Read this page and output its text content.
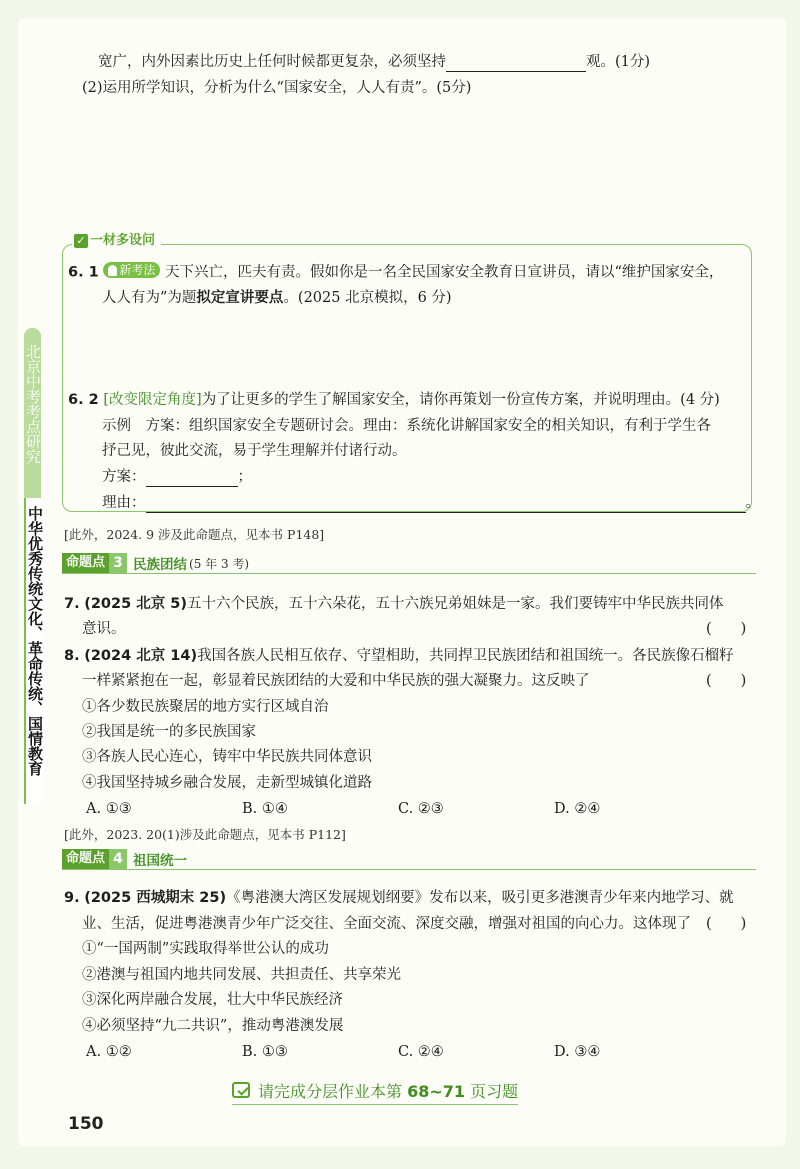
北京中考考点研究
中华优秀传统文化、革命传统、国情教育
宽广，内外因素比历史上任何时候都更复杂，必须坚持	观。(1分)
(2)运用所学知识，分析为什么“国家安全，人人有责”。(5分)
✓ 一材多设问
6. 1 新考法 天下兴亡，匹夫有责。假如你是一名全民国家安全教育日宣讲员，请以“维护国家安全，
人人有为”为题拟定宣讲要点。(2025 北京模拟，6 分)
6. 2 [改变限定角度]为了让更多的学生了解国家安全，请你再策划一份宣传方案，并说明理由。(4 分)
示例　方案：组织国家安全专题研讨会。理由：系统化讲解国家安全的相关知识，有利于学生各
抒己见，彼此交流，易于学生理解并付诸行动。
方案：	；
理由：	。
[此外，2024. 9 涉及此命题点，见本书 P148]
命题点 3 民族团结 (5 年 3 考)
7. (2025 北京 5)五十六个民族，五十六朵花，五十六族兄弟姐妹是一家。我们要铸牢中华民族共同体
意识。	(　　)
8. (2024 北京 14)我国各族人民相互依存、守望相助，共同捍卫民族团结和祖国统一。各民族像石榴籽
一样紧紧抱在一起，彰显着民族团结的大爱和中华民族的强大凝聚力。这反映了	(　　)
①各少数民族聚居的地方实行区域自治
②我国是统一的多民族国家
③各族人民心连心，铸牢中华民族共同体意识
④我国坚持城乡融合发展，走新型城镇化道路
A. ①③	B. ①④	C. ②③	D. ②④
[此外，2023. 20(1)涉及此命题点，见本书 P112]
命题点 4 祖国统一
9. (2025 西城期末 25)《粤港澳大湾区发展规划纲要》发布以来，吸引更多港澳青少年来内地学习、就
业、生活，促进粤港澳青少年广泛交往、全面交流、深度交融，增强对祖国的向心力。这体现了 (　　)
①“一国两制”实践取得举世公认的成功
②港澳与祖国内地共同发展、共担责任、共享荣光
③深化两岸融合发展，壮大中华民族经济
④必须坚持“九二共识”，推动粤港澳发展
A. ①②	B. ①③	C. ②④	D. ③④
请完成分层作业本第 68~71 页习题
150
